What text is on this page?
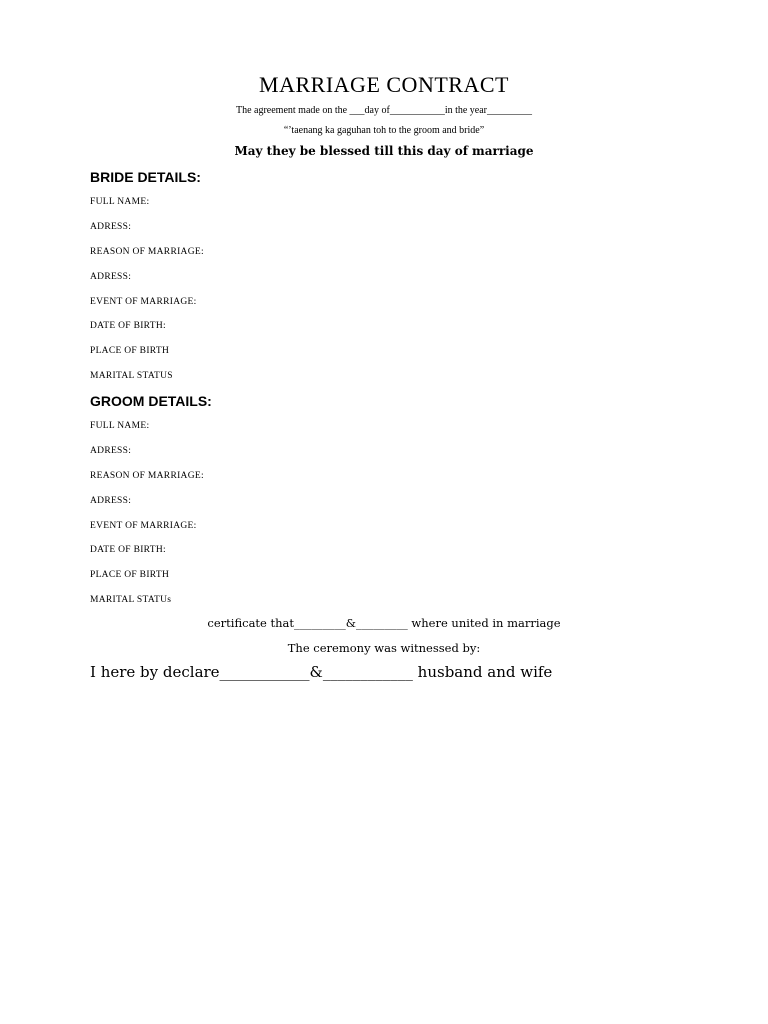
MARRIAGE CONTRACT
The agreement made on the ___day of___________in the year_________
“’taenang ka gaguhan toh to the groom and bride”
May they be blessed till this day of marriage
BRIDE DETAILS:
FULL NAME:
ADRESS:
REASON OF MARRIAGE:
ADRESS:
EVENT OF MARRIAGE:
DATE OF BIRTH:
PLACE OF BIRTH
MARITAL STATUS
GROOM DETAILS:
FULL NAME:
ADRESS:
REASON OF MARRIAGE:
ADRESS:
EVENT OF MARRIAGE:
DATE OF BIRTH:
PLACE OF BIRTH
MARITAL STATUs
certificate that_________&_________ where united in marriage
The ceremony was witnessed by:
I here by declare____________&____________ husband and wife
